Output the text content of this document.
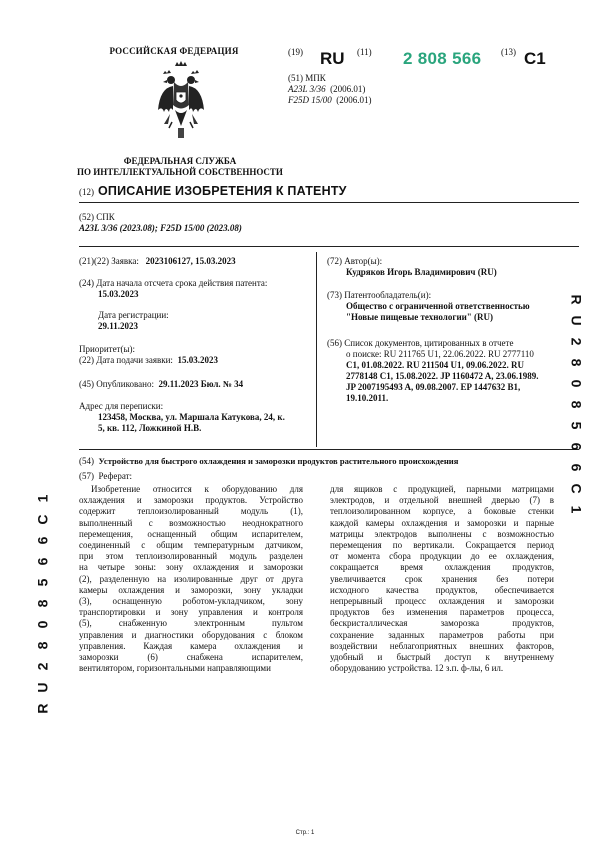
РОССИЙСКАЯ ФЕДЕРАЦИЯ
ФЕДЕРАЛЬНАЯ СЛУЖБА
ПО ИНТЕЛЛЕКТУАЛЬНОЙ СОБСТВЕННОСТИ
(19) RU (11) 2 808 566 (13) C1
(51) МПК
A23L 3/36 (2006.01)
F25D 15/00 (2006.01)
(12) ОПИСАНИЕ ИЗОБРЕТЕНИЯ К ПАТЕНТУ
(52) СПК
A23L 3/36 (2023.08); F25D 15/00 (2023.08)
(21)(22) Заявка: 2023106127, 15.03.2023
(24) Дата начала отсчета срока действия патента:
15.03.2023
Дата регистрации:
29.11.2023
Приоритет(ы):
(22) Дата подачи заявки: 15.03.2023
(45) Опубликовано: 29.11.2023 Бюл. № 34
Адрес для переписки:
123458, Москва, ул. Маршала Катукова, 24, к.
5, кв. 112, Ложкиной Н.В.
(72) Автор(ы):
Кудряков Игорь Владимирович (RU)
(73) Патентообладатель(и):
Общество с ограниченной ответственностью
"Новые пищевые технологии" (RU)
(56) Список документов, цитированных в отчете
о поиске: RU 211765 U1, 22.06.2022. RU 2777110
C1, 01.08.2022. RU 211504 U1, 09.06.2022. RU
2778148 C1, 15.08.2022. JP 1160472 A, 23.06.1989.
JP 2007195493 A, 09.08.2007. EP 1447632 B1,
19.10.2011.
(54) Устройство для быстрого охлаждения и заморозки продуктов растительного происхождения
(57) Реферат:
Изобретение относится к оборудованию для
охлаждения и заморозки продуктов. Устройство
содержит теплоизолированный модуль (1),
выполненный с возможностью неоднократного
перемещения, оснащенный общим испарителем,
соединенный с общим температурным датчиком,
при этом теплоизолированный модуль разделен
на четыре зоны: зону охлаждения и заморозки
(2), разделенную на изолированные друг от друга
камеры охлаждения и заморозки, зону укладки
(3), оснащенную роботом-укладчиком, зону
транспортировки и зону управления и контроля
(5), снабженную электронным пультом
управления и диагностики оборудования с блоком
управления. Каждая камера охлаждения и
заморозки (6) снабжена испарителем,
вентилятором, горизонтальными направляющими
для ящиков с продукцией, парными матрицами
электродов, и отдельной внешней дверью (7) в
теплоизолированном корпусе, а боковые стенки
каждой камеры охлаждения и заморозки и парные
матрицы электродов выполнены с возможностью
перемещения по вертикали. Сокращается период
от момента сбора продукции до ее охлаждения,
сокращается время охлаждения продуктов,
увеличивается срок хранения без потери
исходного качества продуктов, обеспечивается
непрерывный процесс охлаждения и заморозки
продуктов без изменения параметров процесса,
бескристаллическая заморозка продуктов,
сохранение заданных параметров работы при
воздействии неблагоприятных внешних факторов,
удобный и быстрый доступ к внутреннему
оборудованию устройства. 12 з.п. ф-лы, 6 ил.
R
U
2
8
0
8
5
6
6
C
1
1
C
6
6
5
8
0
8
2
U
R
Стр.: 1
